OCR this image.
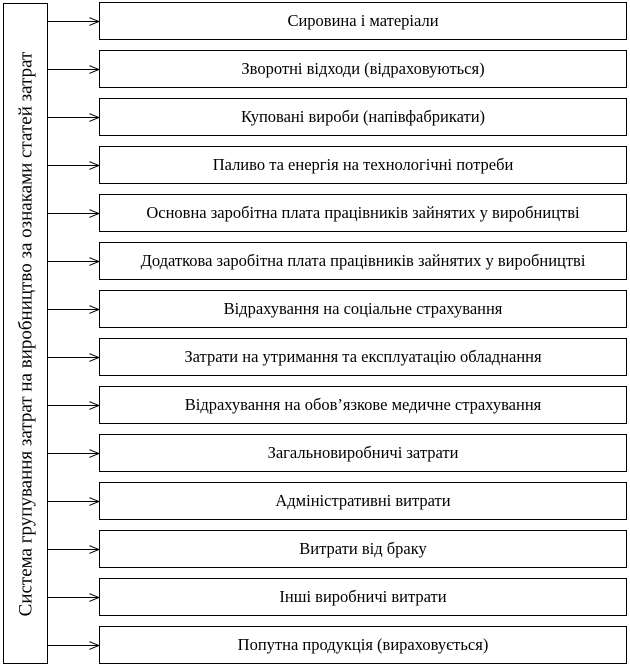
Система групування затрат на виробництво за ознаками статей затрат
Сировина і матеріали
Зворотні відходи (відраховуються)
Куповані вироби (напівфабрикати)
Паливо та енергія на технологічні потреби
Основна заробітна плата працівників зайнятих у виробництві
Додаткова заробітна плата працівників зайнятих у виробництві
Відрахування на соціальне страхування
Затрати на утримання та експлуатацію обладнання
Відрахування на обов’язкове медичне страхування
Загальновиробничі затрати
Адміністративні витрати
Витрати від браку
Інші виробничі витрати
Попутна продукція (вираховується)
